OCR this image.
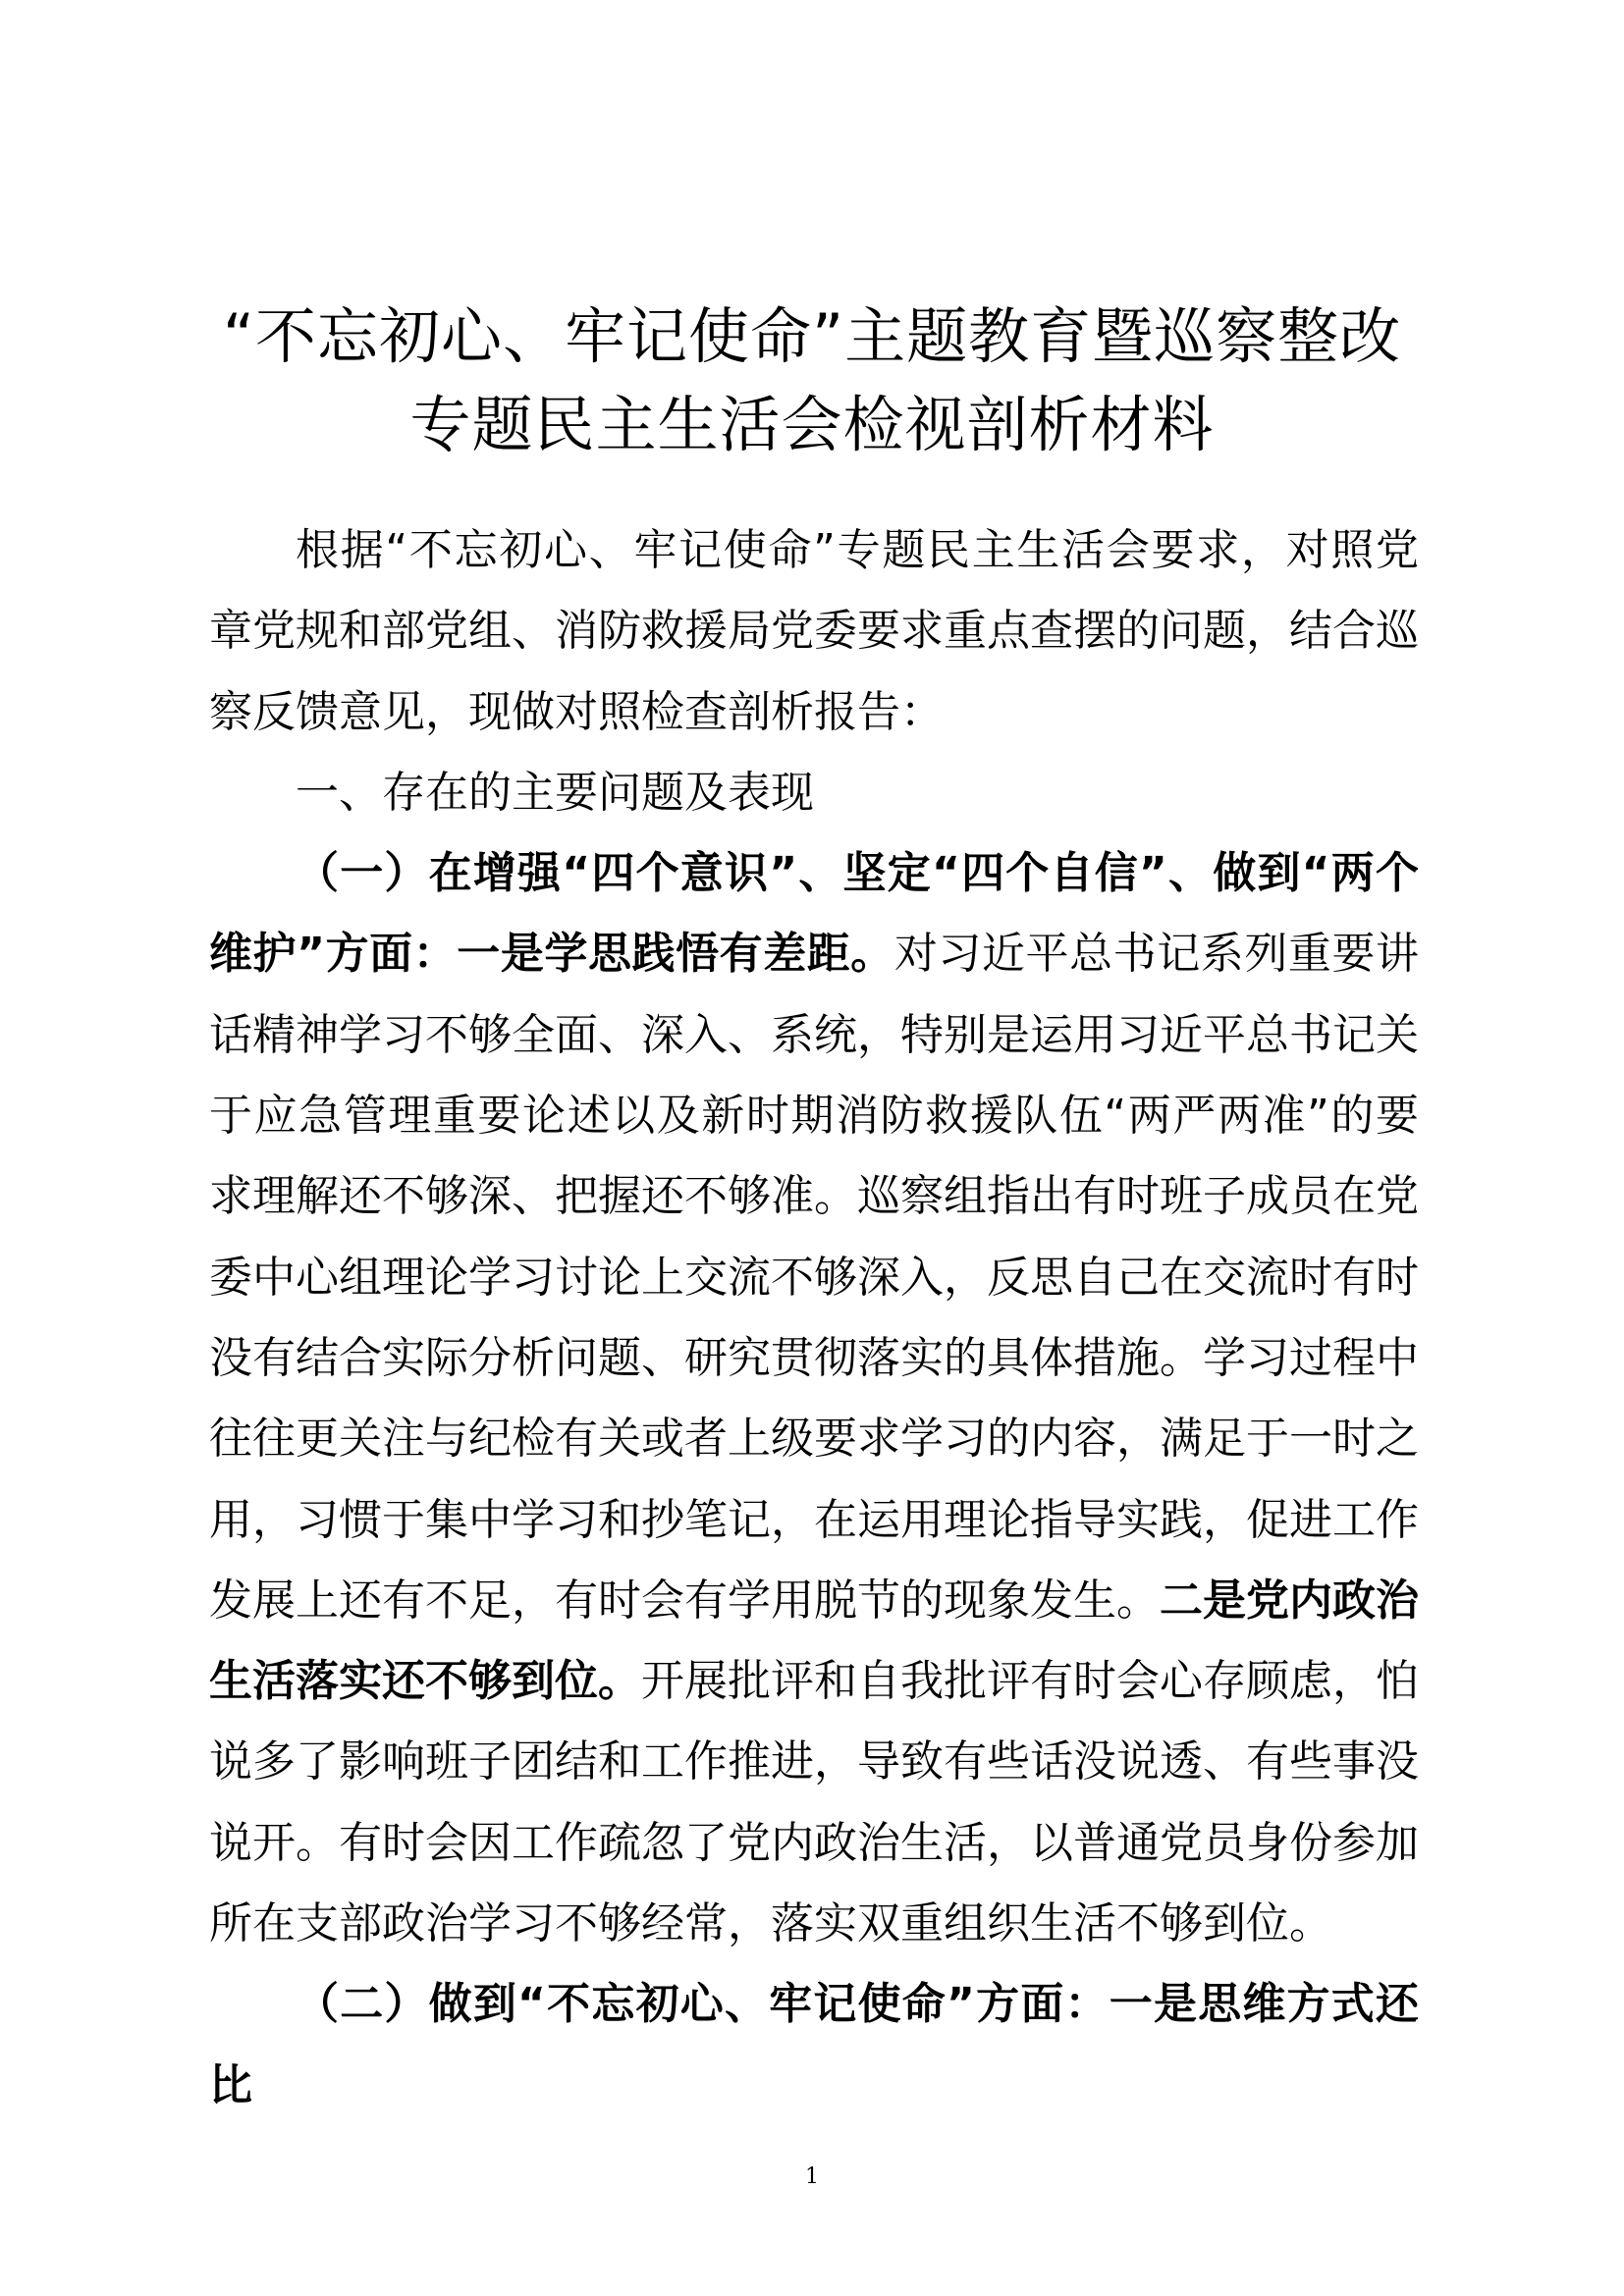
“不忘初心、牢记使命”主题教育暨巡察整改
专题民主生活会检视剖析材料

根据“不忘初心、牢记使命”专题民主生活会要求，对照党章党规和部党组、消防救援局党委要求重点查摆的问题，结合巡察反馈意见，现做对照检查剖析报告：

一、存在的主要问题及表现

（一）在增强“四个意识”、坚定“四个自信”、做到“两个维护”方面：一是学思践悟有差距。对习近平总书记系列重要讲话精神学习不够全面、深入、系统，特别是运用习近平总书记关于应急管理重要论述以及新时期消防救援队伍“两严两准”的要求理解还不够深、把握还不够准。巡察组指出有时班子成员在党委中心组理论学习讨论上交流不够深入，反思自己在交流时有时没有结合实际分析问题、研究贯彻落实的具体措施。学习过程中往往更关注与纪检有关或者上级要求学习的内容，满足于一时之用，习惯于集中学习和抄笔记，在运用理论指导实践，促进工作发展上还有不足，有时会有学用脱节的现象发生。二是党内政治生活落实还不够到位。开展批评和自我批评有时会心存顾虑，怕说多了影响班子团结和工作推进，导致有些话没说透、有些事没说开。有时会因工作疏忽了党内政治生活，以普通党员身份参加所在支部政治学习不够经常，落实双重组织生活不够到位。

（二）做到“不忘初心、牢记使命”方面：一是思维方式还比

1
